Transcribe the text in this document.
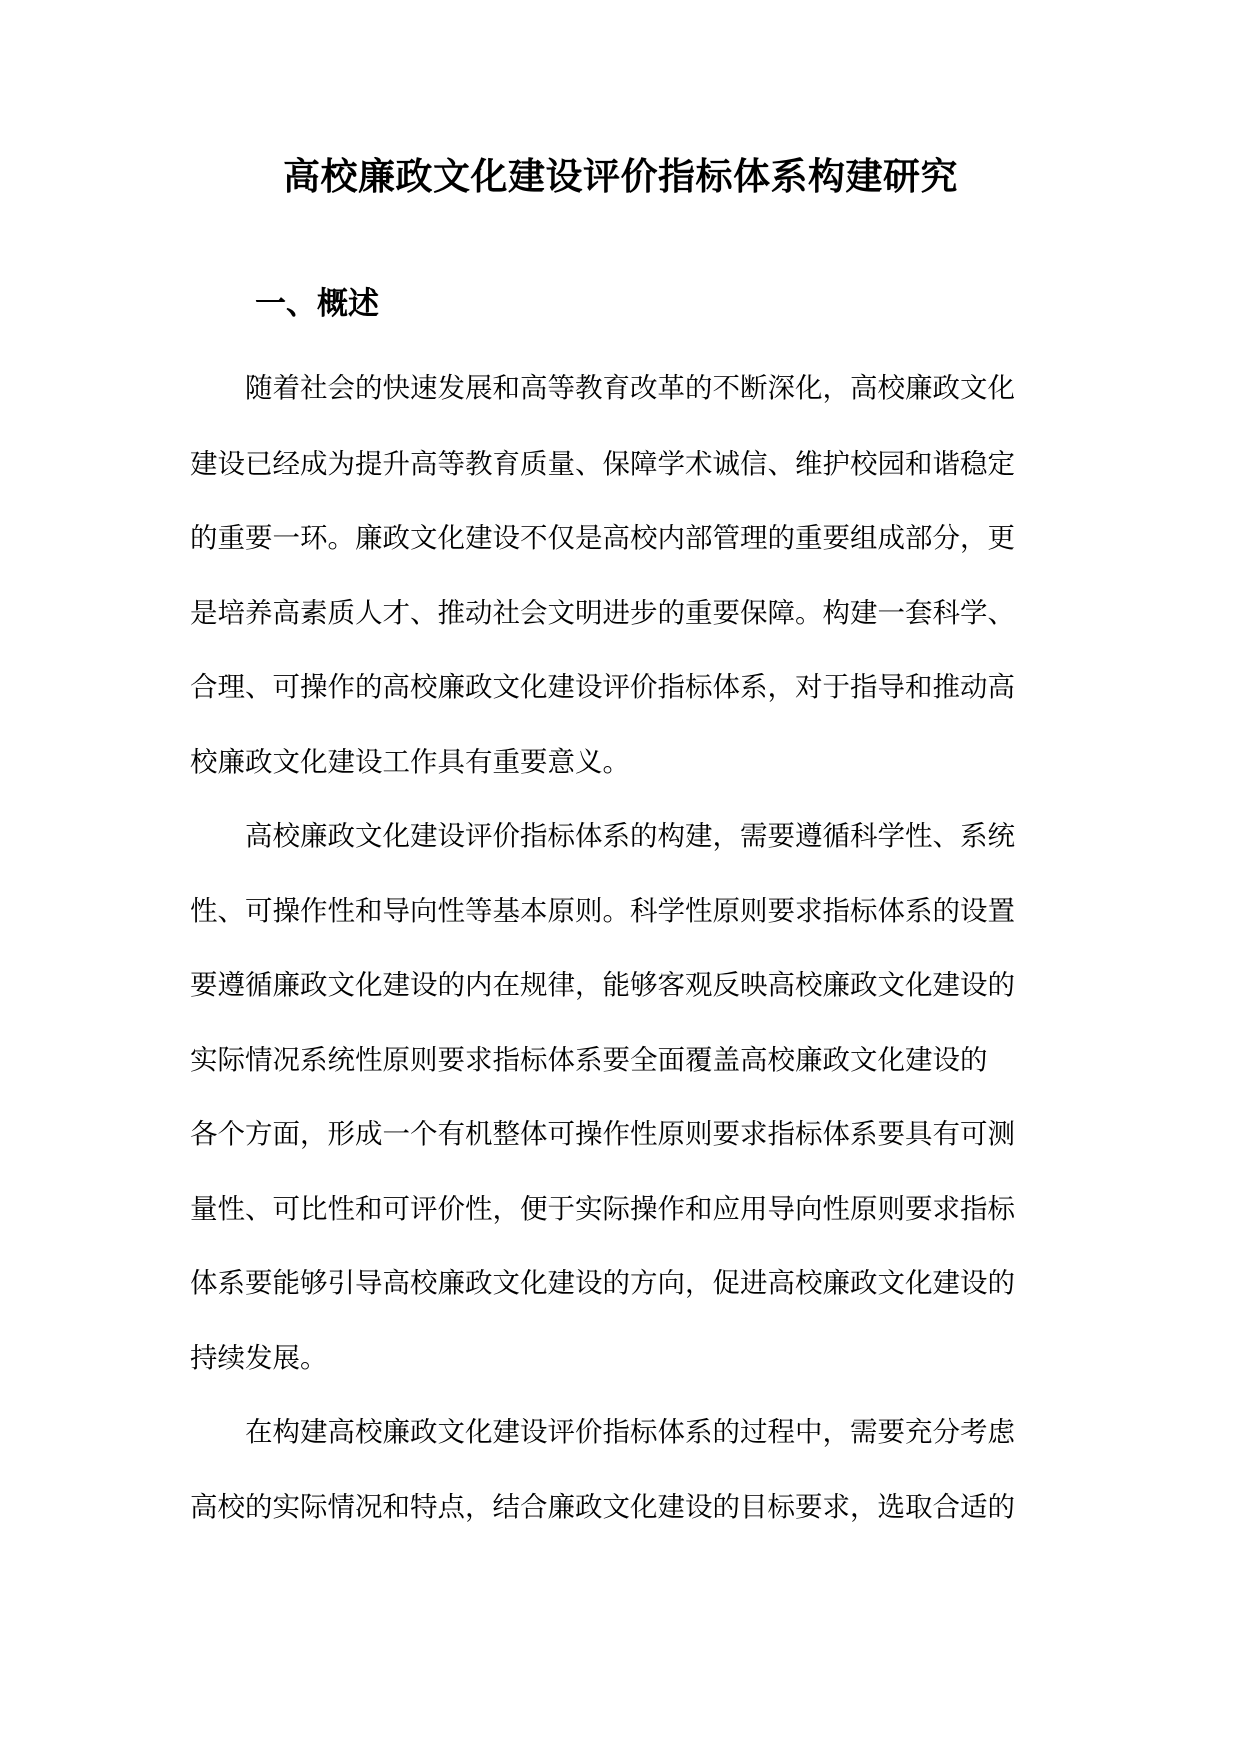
高校廉政文化建设评价指标体系构建研究
一、概述

随着社会的快速发展和高等教育改革的不断深化，高校廉政文化

建设已经成为提升高等教育质量、保障学术诚信、维护校园和谐稳定

的重要一环。廉政文化建设不仅是高校内部管理的重要组成部分，更

是培养高素质人才、推动社会文明进步的重要保障。构建一套科学、

合理、可操作的高校廉政文化建设评价指标体系，对于指导和推动高

校廉政文化建设工作具有重要意义。

高校廉政文化建设评价指标体系的构建，需要遵循科学性、系统

性、可操作性和导向性等基本原则。科学性原则要求指标体系的设置

要遵循廉政文化建设的内在规律，能够客观反映高校廉政文化建设的

实际情况系统性原则要求指标体系要全面覆盖高校廉政文化建设的

各个方面，形成一个有机整体可操作性原则要求指标体系要具有可测

量性、可比性和可评价性，便于实际操作和应用导向性原则要求指标

体系要能够引导高校廉政文化建设的方向，促进高校廉政文化建设的

持续发展。

在构建高校廉政文化建设评价指标体系的过程中，需要充分考虑

高校的实际情况和特点，结合廉政文化建设的目标要求，选取合适的
